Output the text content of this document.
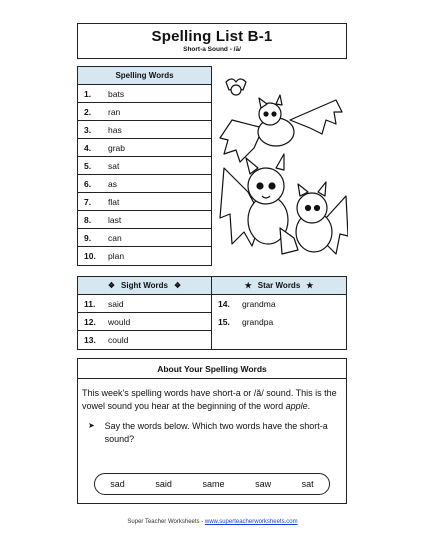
Spelling List B-1
Short-a Sound - /ă/
Spelling Words
1.	bats
2.	ran
3.	has
4.	grab
5.	sat
6.	as
7.	flat
8.	last
9.	can
10.	plan
❖ Sight Words ❖
11.	said
12.	would
13.	could
★ Star Words ★
14.	grandma
15.	grandpa
About Your Spelling Words
This week's spelling words have short-a or /ă/ sound. This is the vowel sound you hear at the beginning of the word apple.
➤	Say the words below. Which two words have the short-a sound?
sad	said	same	saw	sat
Super Teacher Worksheets - www.superteacherworksheets.com
